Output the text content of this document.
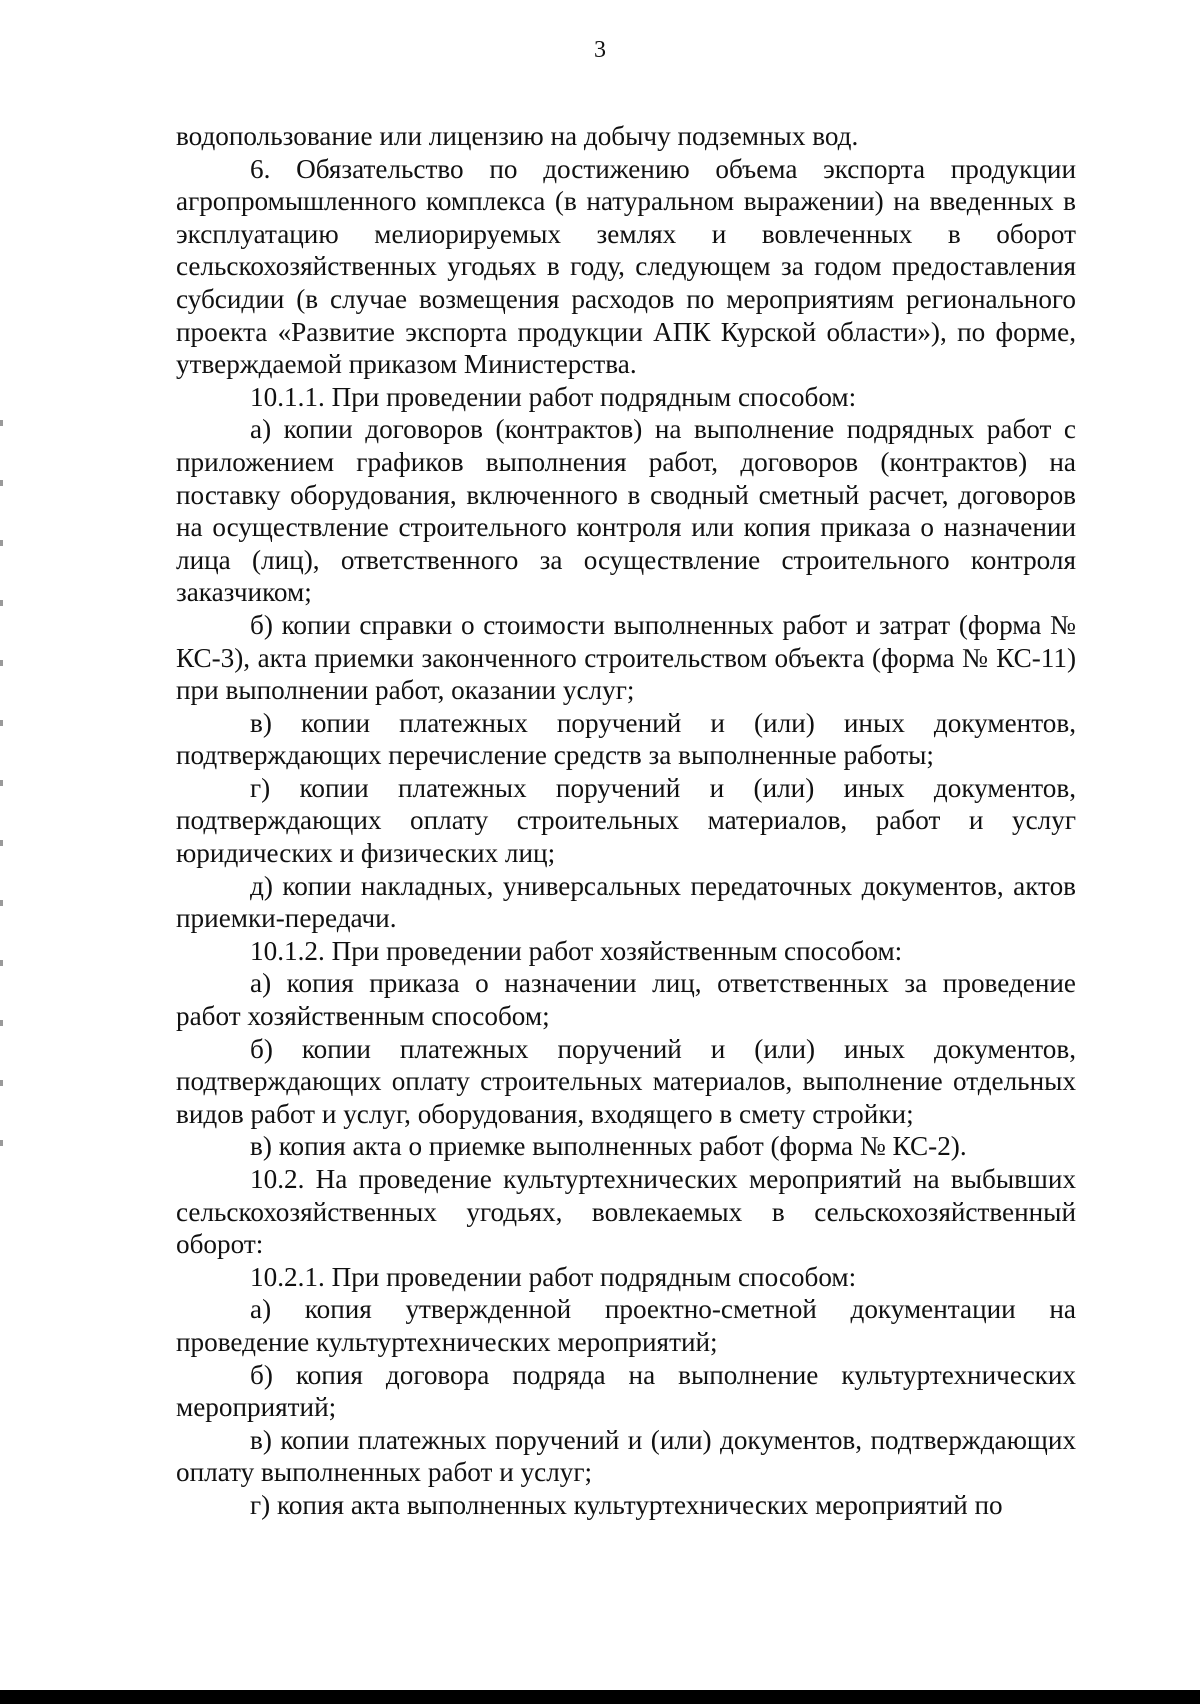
3

водопользование или лицензию на добычу подземных вод.

6. Обязательство по достижению объема экспорта продукции агропромышленного комплекса (в натуральном выражении) на введенных в эксплуатацию мелиорируемых землях и вовлеченных в оборот сельскохозяйственных угодьях в году, следующем за годом предоставления субсидии (в случае возмещения расходов по мероприятиям регионального проекта «Развитие экспорта продукции АПК Курской области»), по форме, утверждаемой приказом Министерства.

10.1.1. При проведении работ подрядным способом:

а) копии договоров (контрактов) на выполнение подрядных работ с приложением графиков выполнения работ, договоров (контрактов) на поставку оборудования, включенного в сводный сметный расчет, договоров на осуществление строительного контроля или копия приказа о назначении лица (лиц), ответственного за осуществление строительного контроля заказчиком;

б) копии справки о стоимости выполненных работ и затрат (форма № КС-3), акта приемки законченного строительством объекта (форма № КС-11) при выполнении работ, оказании услуг;

в) копии платежных поручений и (или) иных документов, подтверждающих перечисление средств за выполненные работы;

г) копии платежных поручений и (или) иных документов, подтверждающих оплату строительных материалов, работ и услуг юридических и физических лиц;

д) копии накладных, универсальных передаточных документов, актов приемки-передачи.

10.1.2. При проведении работ хозяйственным способом:

а) копия приказа о назначении лиц, ответственных за проведение работ хозяйственным способом;

б) копии платежных поручений и (или) иных документов, подтверждающих оплату строительных материалов, выполнение отдельных видов работ и услуг, оборудования, входящего в смету стройки;

в) копия акта о приемке выполненных работ (форма № КС-2).

10.2. На проведение культуртехнических мероприятий на выбывших сельскохозяйственных угодьях, вовлекаемых в сельскохозяйственный оборот:

10.2.1. При проведении работ подрядным способом:

а) копия утвержденной проектно-сметной документации на проведение культуртехнических мероприятий;

б) копия договора подряда на выполнение культуртехнических мероприятий;

в) копии платежных поручений и (или) документов, подтверждающих оплату выполненных работ и услуг;

г) копия акта выполненных культуртехнических мероприятий по
